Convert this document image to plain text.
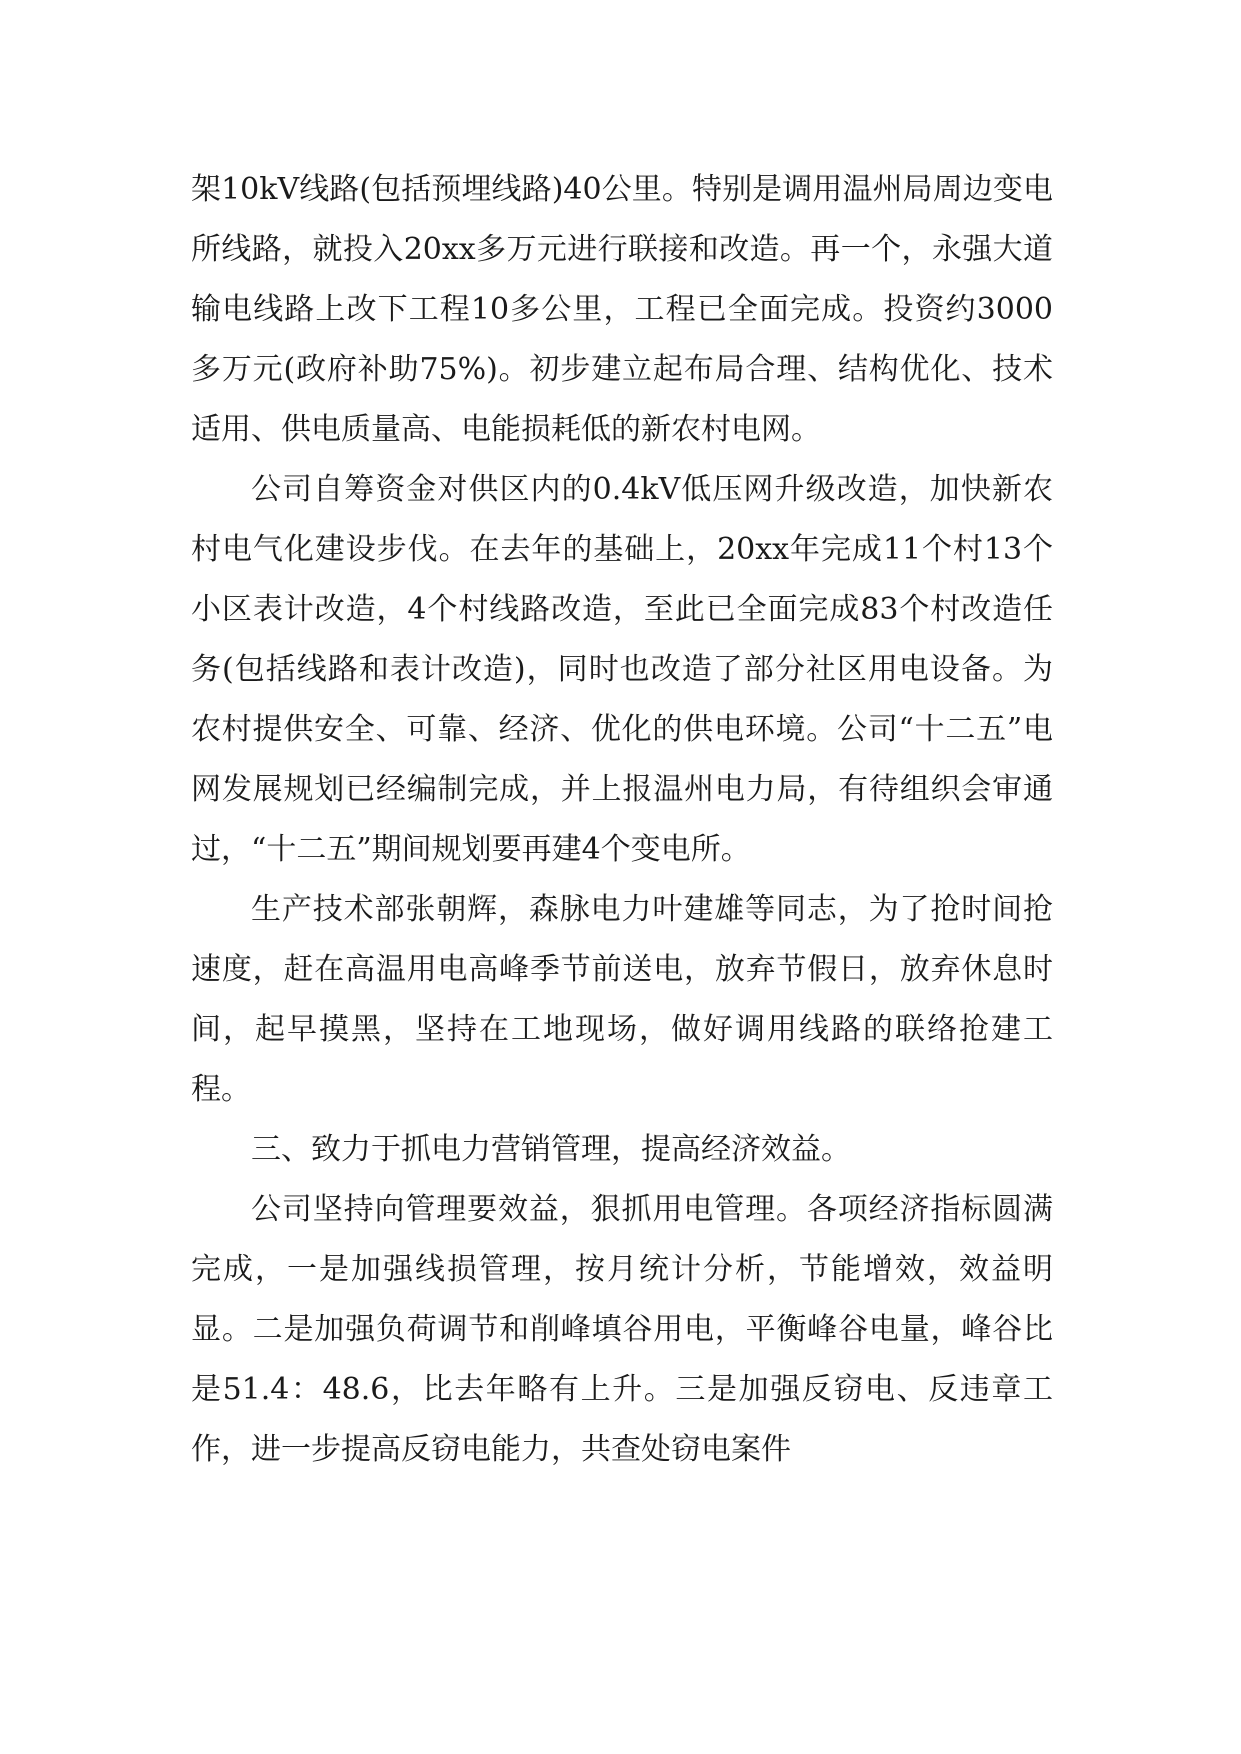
架10kV线路(包括预埋线路)40公里。特别是调用温州局周边变电所线路，就投入20xx多万元进行联接和改造。再一个，永强大道输电线路上改下工程10多公里，工程已全面完成。投资约3000多万元(政府补助75%)。初步建立起布局合理、结构优化、技术适用、供电质量高、电能损耗低的新农村电网。

公司自筹资金对供区内的0.4kV低压网升级改造，加快新农村电气化建设步伐。在去年的基础上，20xx年完成11个村13个小区表计改造，4个村线路改造，至此已全面完成83个村改造任务(包括线路和表计改造)，同时也改造了部分社区用电设备。为农村提供安全、可靠、经济、优化的供电环境。公司“十二五”电网发展规划已经编制完成，并上报温州电力局，有待组织会审通过，“十二五”期间规划要再建4个变电所。

生产技术部张朝辉，森脉电力叶建雄等同志，为了抢时间抢速度，赶在高温用电高峰季节前送电，放弃节假日，放弃休息时间，起早摸黑，坚持在工地现场，做好调用线路的联络抢建工程。

三、致力于抓电力营销管理，提高经济效益。

公司坚持向管理要效益，狠抓用电管理。各项经济指标圆满完成，一是加强线损管理，按月统计分析，节能增效，效益明显。二是加强负荷调节和削峰填谷用电，平衡峰谷电量，峰谷比是51.4：48.6，比去年略有上升。三是加强反窃电、反违章工作，进一步提高反窃电能力，共查处窃电案件
